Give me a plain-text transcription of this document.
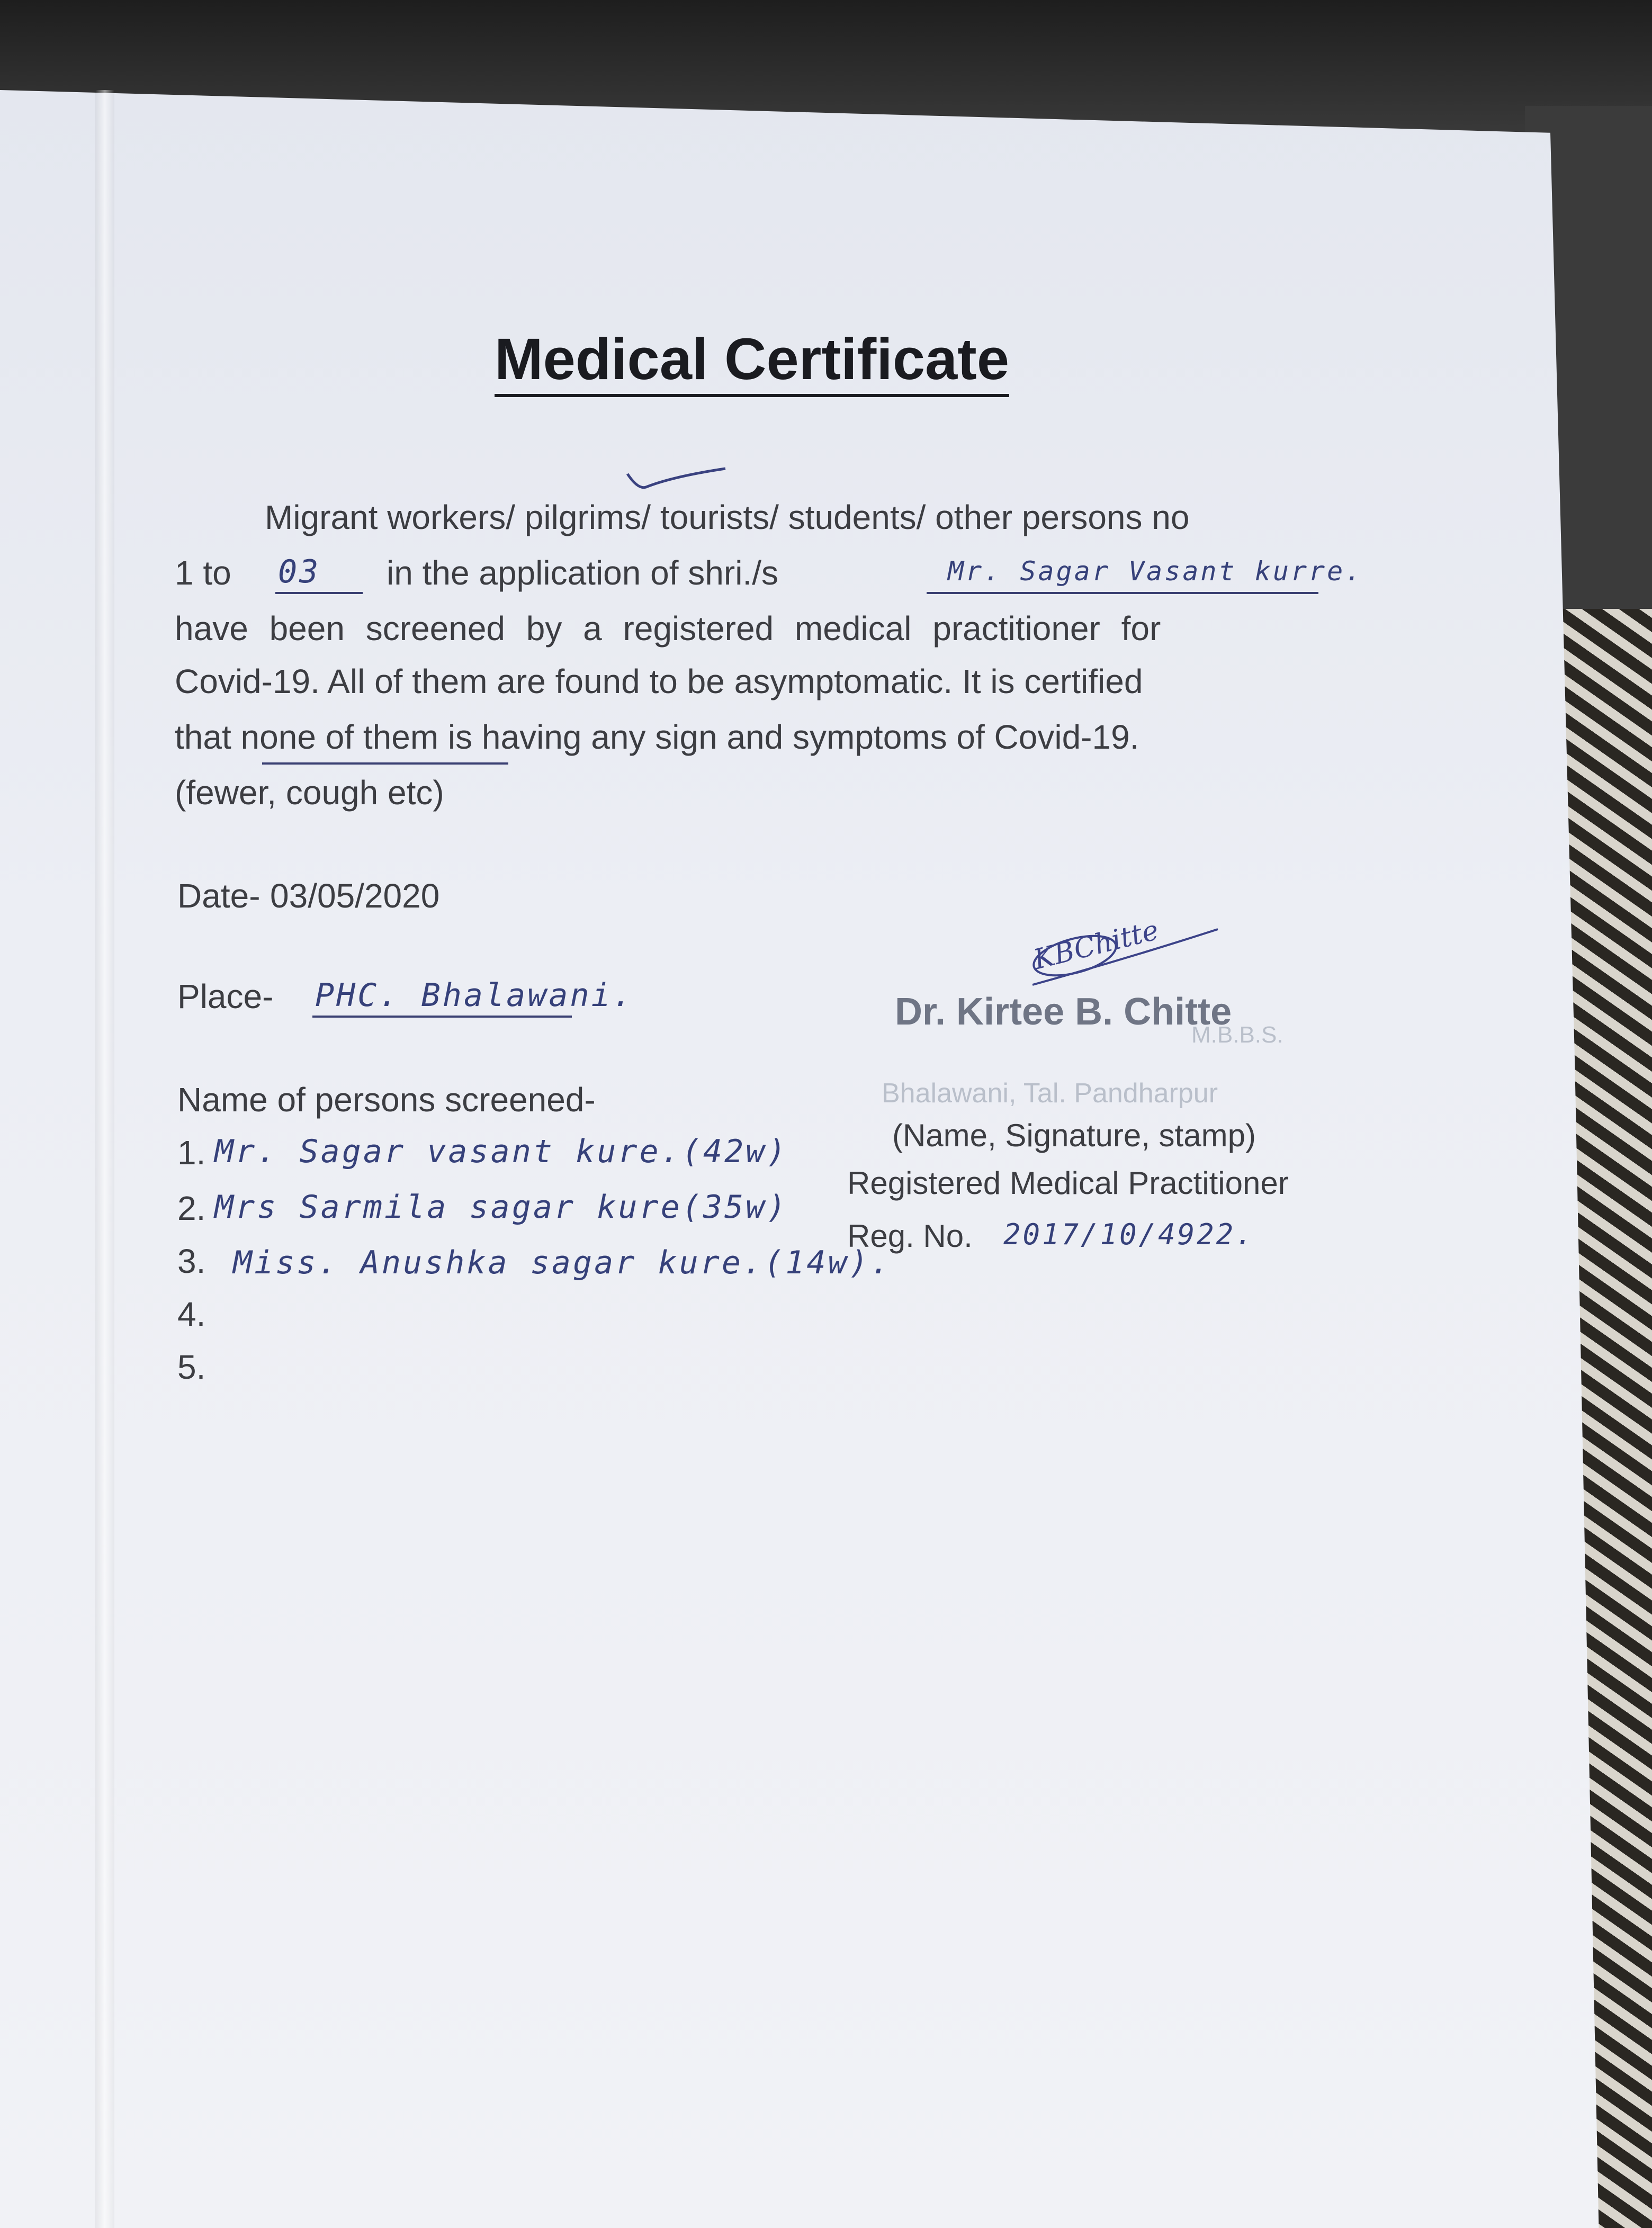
Medical Certificate
Migrant workers/ pilgrims/ tourists/ students/ other persons no
1 to 03 in the application of shri./s	Mr. Sagar Vasant kurre.
have been screened by a registered medical practitioner for
Covid-19. All of them are found to be asymptomatic. It is certified
that none of them is having any sign and symptoms of Covid-19.
(fewer, cough etc)
Date- 03/05/2020
Place- PHC. Bhalawani.
Name of persons screened-
1. Mr. Sagar vasant kure.(42w)
2. Mrs Sarmila sagar kure(35w)
3. Miss. Anushka sagar kure.(14w).
4.
5.
KBChitte
Dr. Kirtee B. Chitte
M.B.B.S.
Bhalawani, Tal. Pandharpur
(Name, Signature, stamp)
Registered Medical Practitioner
Reg. No. 2017/10/4922.
